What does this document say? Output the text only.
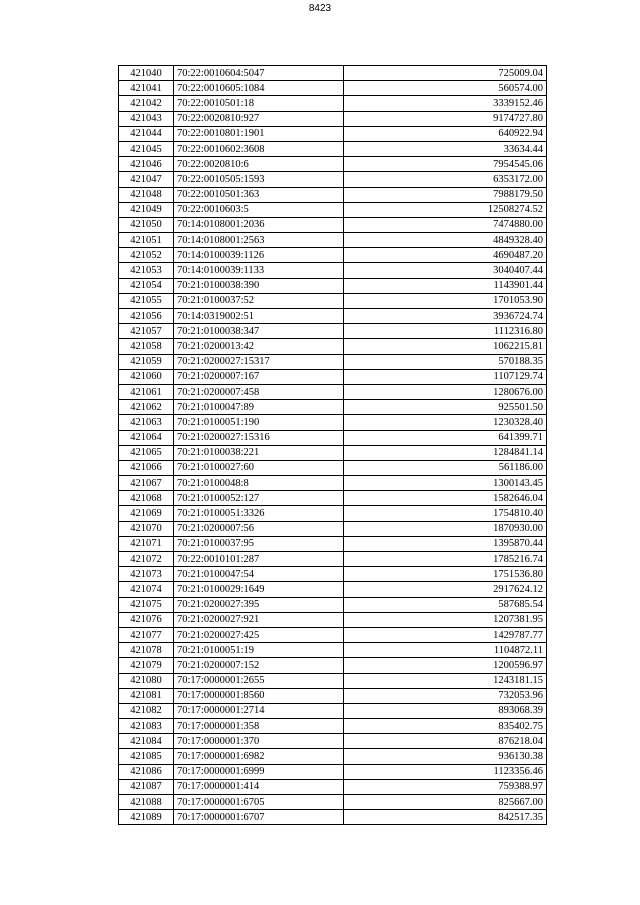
8423
421040	70:22:0010604:5047	725009.04
421041	70:22:0010605:1084	560574.00
421042	70:22:0010501:18	3339152.46
421043	70:22:0020810:927	9174727.80
421044	70:22:0010801:1901	640922.94
421045	70:22:0010602:3608	33634.44
421046	70:22:0020810:6	7954545.06
421047	70:22:0010505:1593	6353172.00
421048	70:22:0010501:363	7988179.50
421049	70:22:0010603:5	12508274.52
421050	70:14:0108001:2036	7474880.00
421051	70:14:0108001:2563	4849328.40
421052	70:14:0100039:1126	4690487.20
421053	70:14:0100039:1133	3040407.44
421054	70:21:0100038:390	1143901.44
421055	70:21:0100037:52	1701053.90
421056	70:14:0319002:51	3936724.74
421057	70:21:0100038:347	1112316.80
421058	70:21:0200013:42	1062215.81
421059	70:21:0200027:15317	570188.35
421060	70:21:0200007:167	1107129.74
421061	70:21:0200007:458	1280676.00
421062	70:21:0100047:89	925501.50
421063	70:21:0100051:190	1230328.40
421064	70:21:0200027:15316	641399.71
421065	70:21:0100038:221	1284841.14
421066	70:21:0100027:60	561186.00
421067	70:21:0100048:8	1300143.45
421068	70:21:0100052:127	1582646.04
421069	70:21:0100051:3326	1754810.40
421070	70:21:0200007:56	1870930.00
421071	70:21:0100037:95	1395870.44
421072	70:22:0010101:287	1785216.74
421073	70:21:0100047:54	1751536.80
421074	70:21:0100029:1649	2917624.12
421075	70:21:0200027:395	587685.54
421076	70:21:0200027:921	1207381.95
421077	70:21:0200027:425	1429787.77
421078	70:21:0100051:19	1104872.11
421079	70:21:0200007:152	1200596.97
421080	70:17:0000001:2655	1243181.15
421081	70:17:0000001:8560	732053.96
421082	70:17:0000001:2714	893068.39
421083	70:17:0000001:358	835402.75
421084	70:17:0000001:370	876218.04
421085	70:17:0000001:6982	936130.38
421086	70:17:0000001:6999	1123356.46
421087	70:17:0000001:414	759388.97
421088	70:17:0000001:6705	825667.00
421089	70:17:0000001:6707	842517.35
